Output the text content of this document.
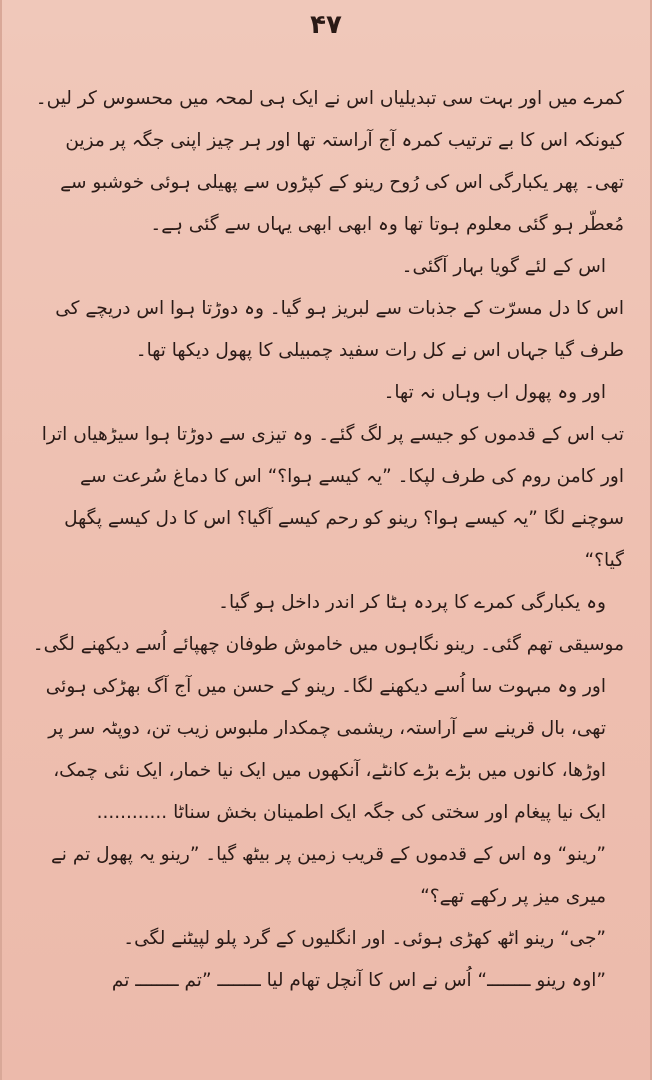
۴۷

کمرے میں اور بہت سی تبدیلیاں اس نے ایک ہی لمحہ میں محسوس کر لیں۔ کیونکہ اس کا بے ترتیب کمرہ آج آراستہ تھا اور ہر چیز اپنی جگہ پر مزین تھی۔ پھر یکبارگی اس کی رُوح رینو کے کپڑوں سے پھیلی ہوئی خوشبو سے مُعطّر ہو گئی معلوم ہوتا تھا وہ ابھی ابھی یہاں سے گئی ہے۔

اس کے لئے گویا بہار آگئی۔

اس کا دل مسرّت کے جذبات سے لبریز ہو گیا۔ وہ دوڑتا ہوا اس دریچے کی طرف گیا جہاں اس نے کل رات سفید چمبیلی کا پھول دیکھا تھا۔

اور وہ پھول اب وہاں نہ تھا۔

تب اس کے قدموں کو جیسے پر لگ گئے۔ وہ تیزی سے دوڑتا ہوا سیڑھیاں اترا اور کامن روم کی طرف لپکا۔ ”یہ کیسے ہوا؟“ اس کا دماغ سُرعت سے سوچنے لگا ”یہ کیسے ہوا؟ رینو کو رحم کیسے آگیا؟ اس کا دل کیسے پگھل گیا؟“

وہ یکبارگی کمرے کا پردہ ہٹا کر اندر داخل ہو گیا۔

موسیقی تھم گئی۔ رینو نگاہوں میں خاموش طوفان چھپائے اُسے دیکھنے لگی۔

اور وہ مبہوت سا اُسے دیکھنے لگا۔ رینو کے حسن میں آج آگ بھڑکی ہوئی تھی، بال قرینے سے آراستہ، ریشمی چمکدار ملبوس زیب تن، دوپٹہ سر پر اوڑھا، کانوں میں بڑے بڑے کانٹے، آنکھوں میں ایک نیا خمار، ایک نئی چمک، ایک نیا پیغام اور سختی کی جگہ ایک اطمینان بخش سناٹا ............

”رینو“ وہ اس کے قدموں کے قریب زمین پر بیٹھ گیا۔ ”رینو یہ پھول تم نے میری میز پر رکھے تھے؟“

”جی“ رینو اٹھ کھڑی ہوئی۔ اور انگلیوں کے گرد پلو لپیٹنے لگی۔

”اوہ رینو ــــــــ“ اُس نے اس کا آنچل تھام لیا ــــــــ ”تم ــــــــ تم
